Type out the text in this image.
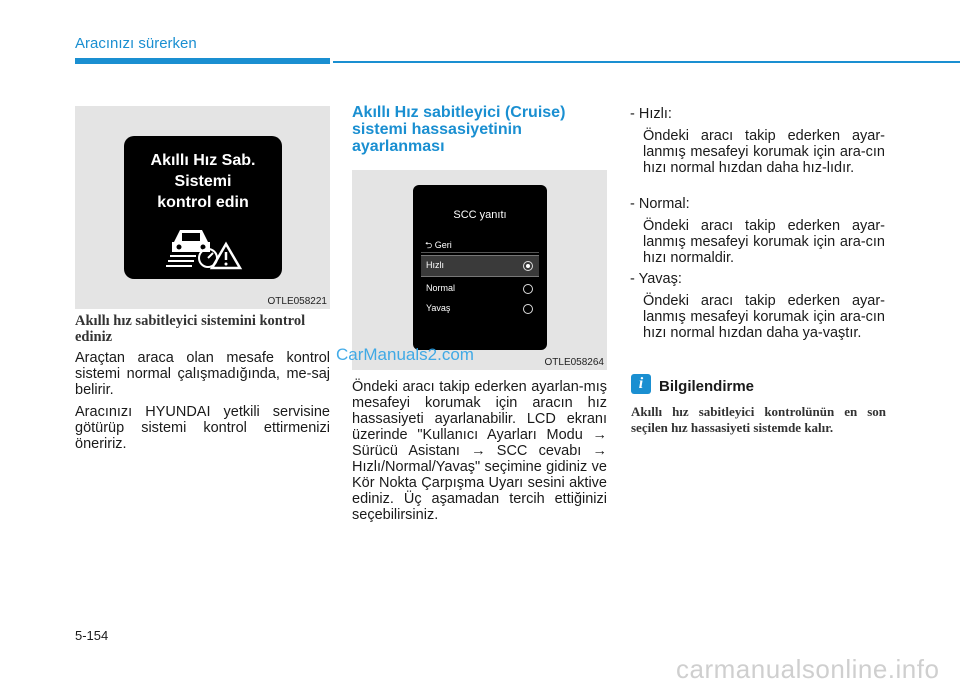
Aracınızı sürerken
Akıllı Hız Sab.
Sistemi
kontrol edin
OTLE058221
Akıllı hız sabitleyici sistemini kontrol ediniz
Araçtan araca olan mesafe kontrol sistemi normal çalışmadığında, me-saj belirir.
Aracınızı HYUNDAI yetkili servisine götürüp sistemi kontrol ettirmenizi öneririz.
Akıllı Hız sabitleyici (Cruise) sistemi hassasiyetinin ayarlanması
SCC yanıtı
⮌ Geri
Hızlı
Normal
Yavaş
OTLE058264
Öndeki aracı takip ederken ayarlan-mış mesafeyi korumak için aracın hız hassasiyeti ayarlanabilir. LCD ekranı üzerinde "Kullanıcı Ayarları Modu → Sürücü Asistanı → SCC cevabı → Hızlı/Normal/Yavaş" seçimine gidiniz ve Kör Nokta Çarpışma Uyarı sesini aktive ediniz. Üç aşamadan tercih ettiğinizi seçebilirsiniz.
- Hızlı:
Öndeki aracı takip ederken ayar-lanmış mesafeyi korumak için ara-cın hızı normal hızdan daha hız-lıdır.
- Normal:
Öndeki aracı takip ederken ayar-lanmış mesafeyi korumak için ara-cın hızı normaldir.
- Yavaş:
Öndeki aracı takip ederken ayar-lanmış mesafeyi korumak için ara-cın hızı normal hızdan daha ya-vaştır.
i	Bilgilendirme
Akıllı hız sabitleyici kontrolünün en son seçilen hız hassasiyeti sistemde kalır.
CarManuals2.com
5-154
carmanualsonline.info
